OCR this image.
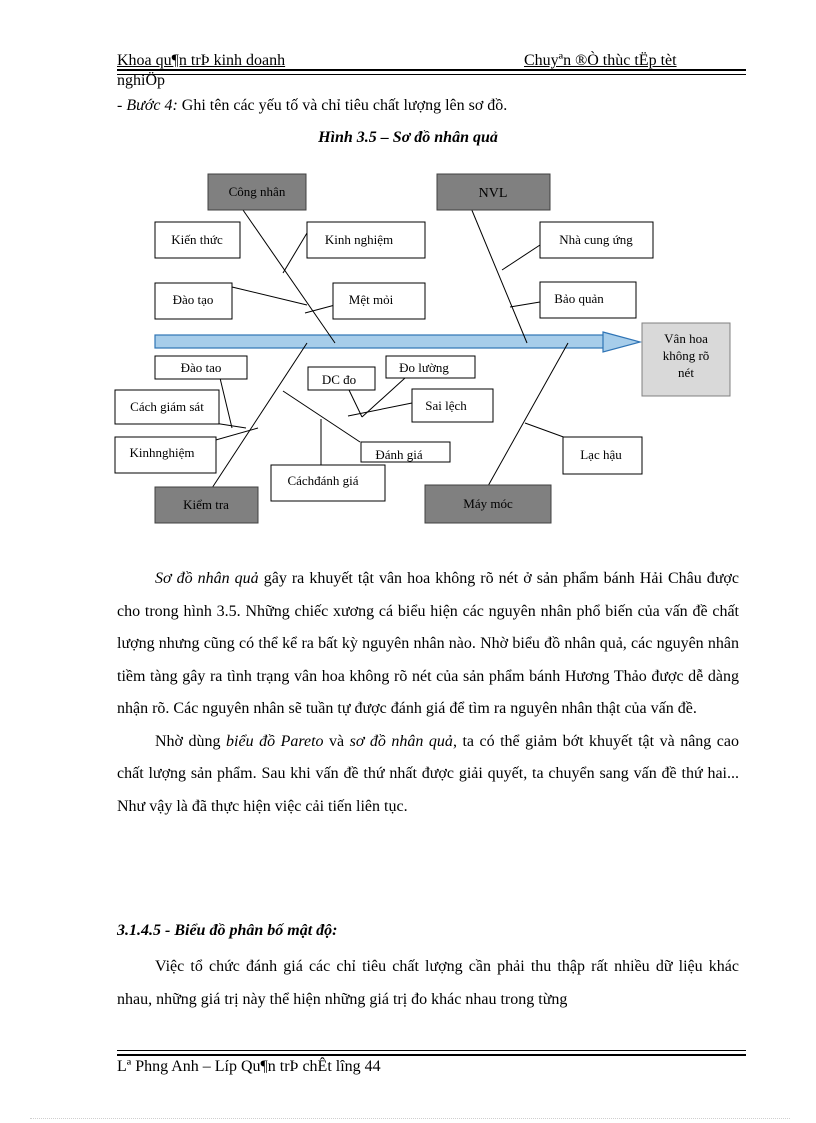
Khoa qu¶n trÞ kinh doanh	Chuyªn ®Ò thùc tËp tèt
nghiÖp
- Bước 4: Ghi tên các yếu tố và chỉ tiêu chất lượng lên sơ đồ.
Hình 3.5 – Sơ đồ nhân quả
Vân hoa
không rõ
nét
Công nhân	NVL
Kiểm tra	Máy móc
Kiến thức	Kinh nghiệm
Đào tạo	Mệt mỏi
Nhà cung ứng
Bảo quản
Đào tao
Cách giám sát
Kinhnghiệm
DC đo
Đo lường
Sai lệch
Đánh giá
Cáchđánh giá
Lạc hậu

Sơ đồ nhân quả gây ra khuyết tật vân hoa không rõ nét ở sản phẩm bánh Hải Châu được cho trong hình 3.5. Những chiếc xương cá biểu hiện các nguyên nhân phổ biến của vấn đề chất lượng nhưng cũng có thể kể ra bất kỳ nguyên nhân nào. Nhờ biểu đồ nhân quả, các nguyên nhân tiềm tàng gây ra tình trạng vân hoa không rõ nét của sản phẩm bánh Hương Thảo được dễ dàng nhận rõ. Các nguyên nhân sẽ tuần tự được đánh giá để tìm ra nguyên nhân thật của vấn đề.

Nhờ dùng biểu đồ Pareto và sơ đồ nhân quả, ta có thể giảm bớt khuyết tật và nâng cao chất lượng sản phẩm. Sau khi vấn đề thứ nhất được giải quyết, ta chuyển sang vấn đề thứ hai... Như vậy là đã thực hiện việc cải tiến liên tục.

3.1.4.5 - Biểu đồ phân bố mật độ:

Việc tổ chức đánh giá các chỉ tiêu chất lượng cần phải thu thập rất nhiều dữ liệu khác nhau, những giá trị này thể hiện những giá trị đo khác nhau trong từng

Lª Phng Anh – Líp Qu¶n trÞ chÊt lîng 44
